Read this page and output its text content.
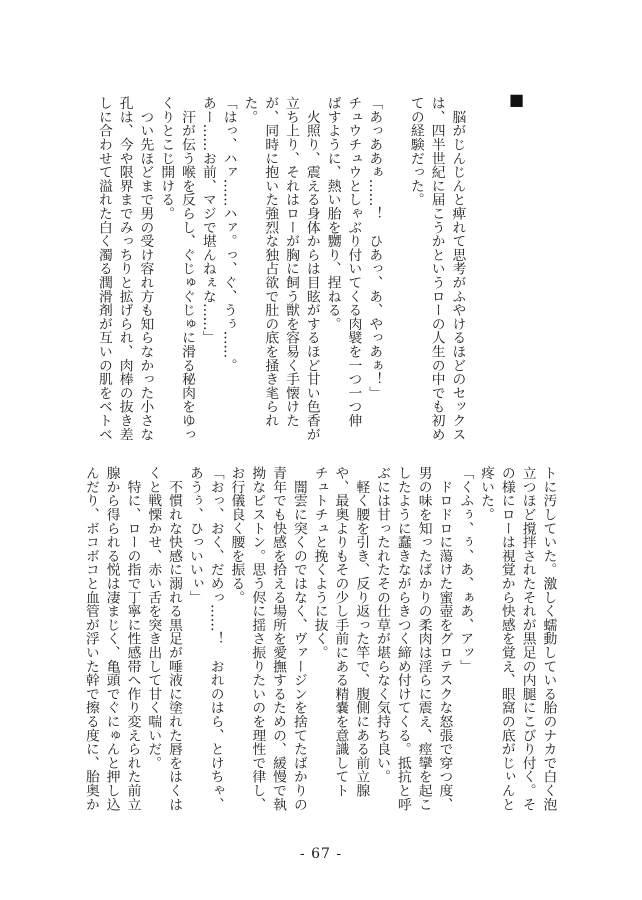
■
　脳がじんじんと痺れて思考がふやけるほどのセックス
は、四半世紀に届こうかというローの人生の中でも初め
ての経験だった。
「あっああぁ……！　ひあっ、あ、やっあぁ！」
チュウチュウとしゃぶり付いてくる肉襞を一つ一つ伸
ばすように、熱い胎を嬲り、捏ねる。
　火照り、震える身体からは目眩がするほど甘い色香が
立ち上り、それはローが胸に飼う獣を容易く手懐けた
が、同時に抱いた強烈な独占欲で肚の底を掻き毟られ
た。
「はっ、ハァ……ハァ。っ、ぐ、うぅ……。
あー……お前、マジで堪んねぇな……」
　汗が伝う喉を反らし、ぐじゅぐじゅに滑る秘肉をゆっ
くりとこじ開ける。
　つい先ほどまで男の受け容れ方も知らなかった小さな
孔は、今や限界までみっちりと拡げられ、肉棒の抜き差
しに合わせて溢れた白く濁る潤滑剤が互いの肌をベトベ
トに汚していた。激しく蠕動している胎のナカで白く泡
立つほど撹拌されたそれが黒足の内腿にこびり付く。そ
の様にローは視覚から快感を覚え、眼窩の底がじぃんと
疼いた。
「くふぅ、ぅ、あ、ぁあ、アッ」
　ドロドロに蕩けた蜜壺をグロテスクな怒張で穿つ度、
男の味を知ったばかりの柔肉は淫らに震え、痙攣を起こ
したように蠢きながらきつく締め付けてくる。抵抗と呼
ぶには甘ったれたその仕草が堪らなく気持ち良い。
　軽く腰を引き、反り返った竿で、腹側にある前立腺
や、最奥よりもその少し手前にある精嚢を意識してト
チュトチュと挽くように抜く。
　闇雲に突くのではなく、ヴァージンを捨てたばかりの
青年でも快感を拾える場所を愛撫するための、緩慢で執
拗なピストン。思う侭に揺さ振りたいのを理性で律し、
お行儀良く腰を振る。
「おっ、おく、だめっ……！　おれのはら、とけちゃ、
あうぅ、ひっいいぃ」
　不慣れな快感に溺れる黒足が唾液に塗れた唇をはくは
くと戦慄かせ、赤い舌を突き出して甘く喘いだ。
　特に、ローの指で丁寧に性感帯へ作り変えられた前立
腺から得られる悦は凄まじく、亀頭でぐにゅんと押し込
んだり、ボコボコと血管が浮いた幹で擦る度に、胎奥か
- 67 -
